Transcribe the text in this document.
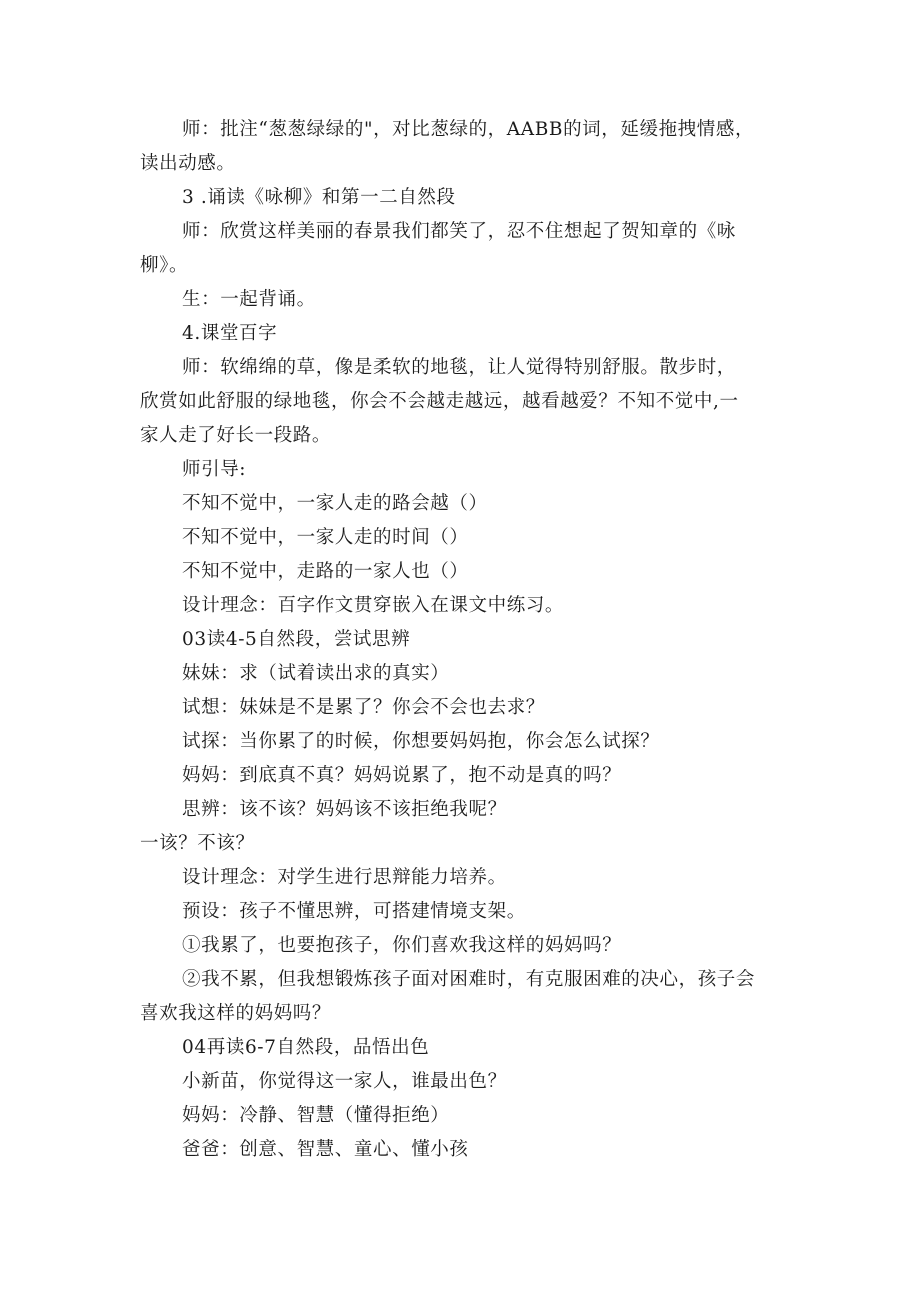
师：批注“葱葱绿绿的"，对比葱绿的，AABB的词，延缓拖拽情感，
读出动感。
3 .诵读《咏柳》和第一二自然段
师：欣赏这样美丽的春景我们都笑了，忍不住想起了贺知章的《咏
柳》。
生：一起背诵。
4.课堂百字
师：软绵绵的草，像是柔软的地毯，让人觉得特别舒服。散步时，
欣赏如此舒服的绿地毯，你会不会越走越远，越看越爱？不知不觉中,一
家人走了好长一段路。
师引导:
不知不觉中，一家人走的路会越（）
不知不觉中，一家人走的时间（）
不知不觉中，走路的一家人也（）
设计理念：百字作文贯穿嵌入在课文中练习。
03读4-5自然段，尝试思辨
妹妹：求（试着读出求的真实）
试想：妹妹是不是累了？你会不会也去求？
试探：当你累了的时候，你想要妈妈抱，你会怎么试探？
妈妈：到底真不真？妈妈说累了，抱不动是真的吗？
思辨：该不该？妈妈该不该拒绝我呢？
一该？不该？
设计理念：对学生进行思辩能力培养。
预设：孩子不懂思辨，可搭建情境支架。
①我累了，也要抱孩子，你们喜欢我这样的妈妈吗？
②我不累，但我想锻炼孩子面对困难时，有克服困难的决心，孩子会
喜欢我这样的妈妈吗？
04再读6-7自然段，品悟出色
小新苗，你觉得这一家人，谁最出色？
妈妈：冷静、智慧（懂得拒绝）
爸爸：创意、智慧、童心、懂小孩
